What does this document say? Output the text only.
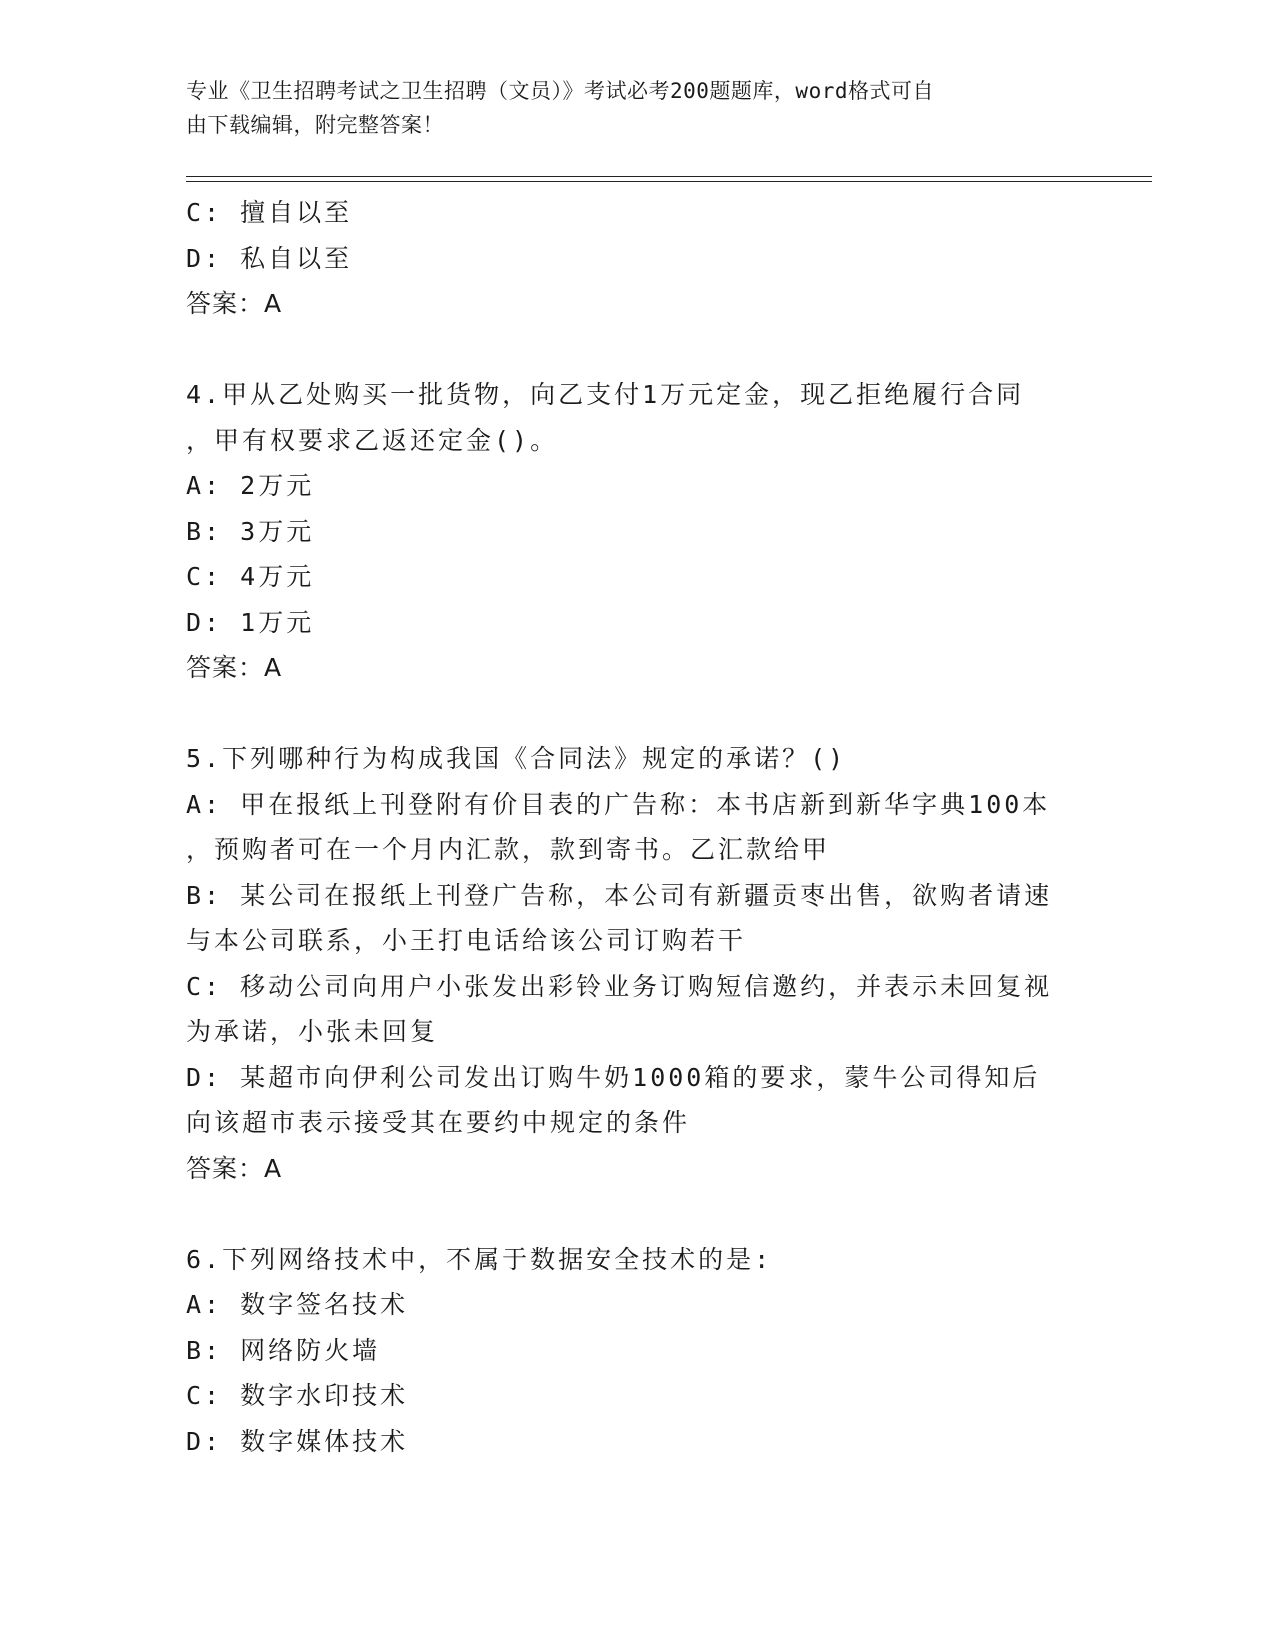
专业《卫生招聘考试之卫生招聘（文员）》考试必考200题题库，word格式可自
由下载编辑，附完整答案！
C: 擅自以至
D: 私自以至
答案：A
4.甲从乙处购买一批货物，向乙支付1万元定金，现乙拒绝履行合同
，甲有权要求乙返还定金()。
A: 2万元
B: 3万元
C: 4万元
D: 1万元
答案：A
5.下列哪种行为构成我国《合同法》规定的承诺？()
A: 甲在报纸上刊登附有价目表的广告称：本书店新到新华字典100本
，预购者可在一个月内汇款，款到寄书。乙汇款给甲
B: 某公司在报纸上刊登广告称，本公司有新疆贡枣出售，欲购者请速
与本公司联系，小王打电话给该公司订购若干
C: 移动公司向用户小张发出彩铃业务订购短信邀约，并表示未回复视
为承诺，小张未回复
D: 某超市向伊利公司发出订购牛奶1000箱的要求，蒙牛公司得知后
向该超市表示接受其在要约中规定的条件
答案：A
6.下列网络技术中，不属于数据安全技术的是:
A: 数字签名技术
B: 网络防火墙
C: 数字水印技术
D: 数字媒体技术
